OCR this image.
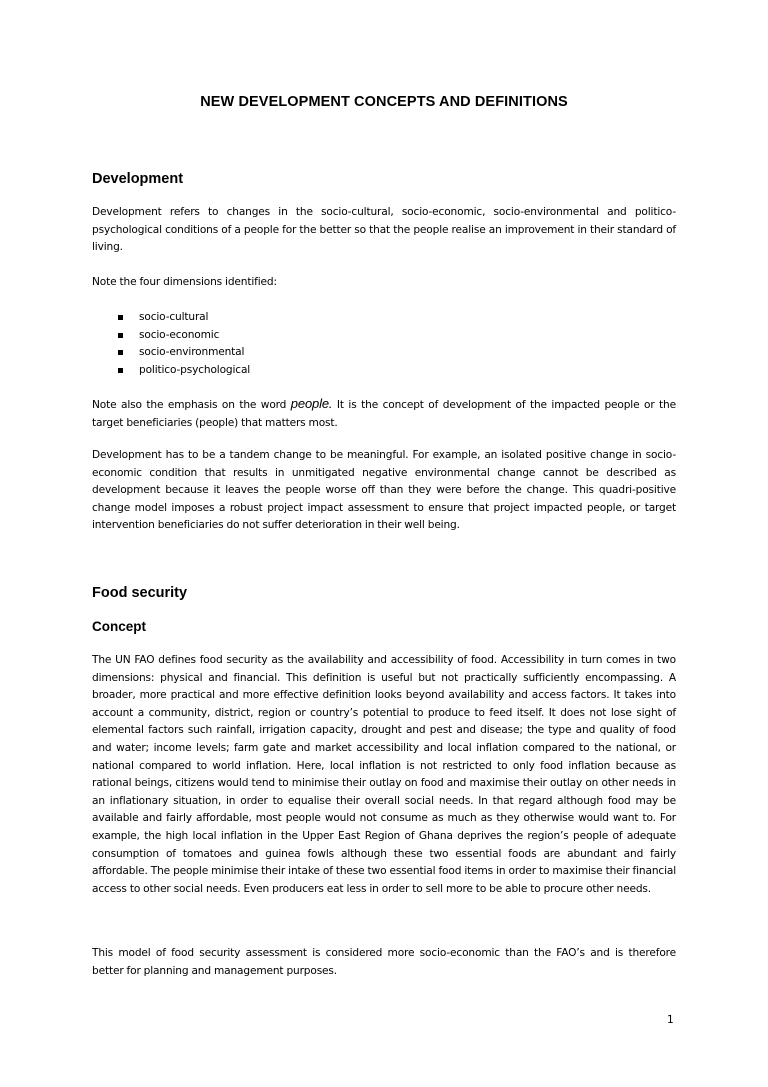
NEW DEVELOPMENT CONCEPTS AND DEFINITIONS
Development

Development refers to changes in the socio-cultural, socio-economic, socio-environmental and politico-psychological conditions of a people for the better so that the people realise an improvement in their standard of living.

Note the four dimensions identified:

socio-cultural
socio-economic
socio-environmental
politico-psychological

Note also the emphasis on the word people. It is the concept of development of the impacted people or the target beneficiaries (people) that matters most.

Development has to be a tandem change to be meaningful. For example, an isolated positive change in socio-economic condition that results in unmitigated negative environmental change cannot be described as development because it leaves the people worse off than they were before the change. This quadri-positive change model imposes a robust project impact assessment to ensure that project impacted people, or target intervention beneficiaries do not suffer deterioration in their well being.

Food security
Concept

The UN FAO defines food security as the availability and accessibility of food. Accessibility in turn comes in two dimensions: physical and financial. This definition is useful but not practically sufficiently encompassing. A broader, more practical and more effective definition looks beyond availability and access factors. It takes into account a community, district, region or country’s potential to produce to feed itself. It does not lose sight of elemental factors such rainfall, irrigation capacity, drought and pest and disease; the type and quality of food and water; income levels; farm gate and market accessibility and local inflation compared to the national, or national compared to world inflation. Here, local inflation is not restricted to only food inflation because as rational beings, citizens would tend to minimise their outlay on food and maximise their outlay on other needs in an inflationary situation, in order to equalise their overall social needs. In that regard although food may be available and fairly affordable, most people would not consume as much as they otherwise would want to. For example, the high local inflation in the Upper East Region of Ghana deprives the region’s people of adequate consumption of tomatoes and guinea fowls although these two essential foods are abundant and fairly affordable. The people minimise their intake of these two essential food items in order to maximise their financial access to other social needs. Even producers eat less in order to sell more to be able to procure other needs.

This model of food security assessment is considered more socio-economic than the FAO’s and is therefore better for planning and management purposes.

1
